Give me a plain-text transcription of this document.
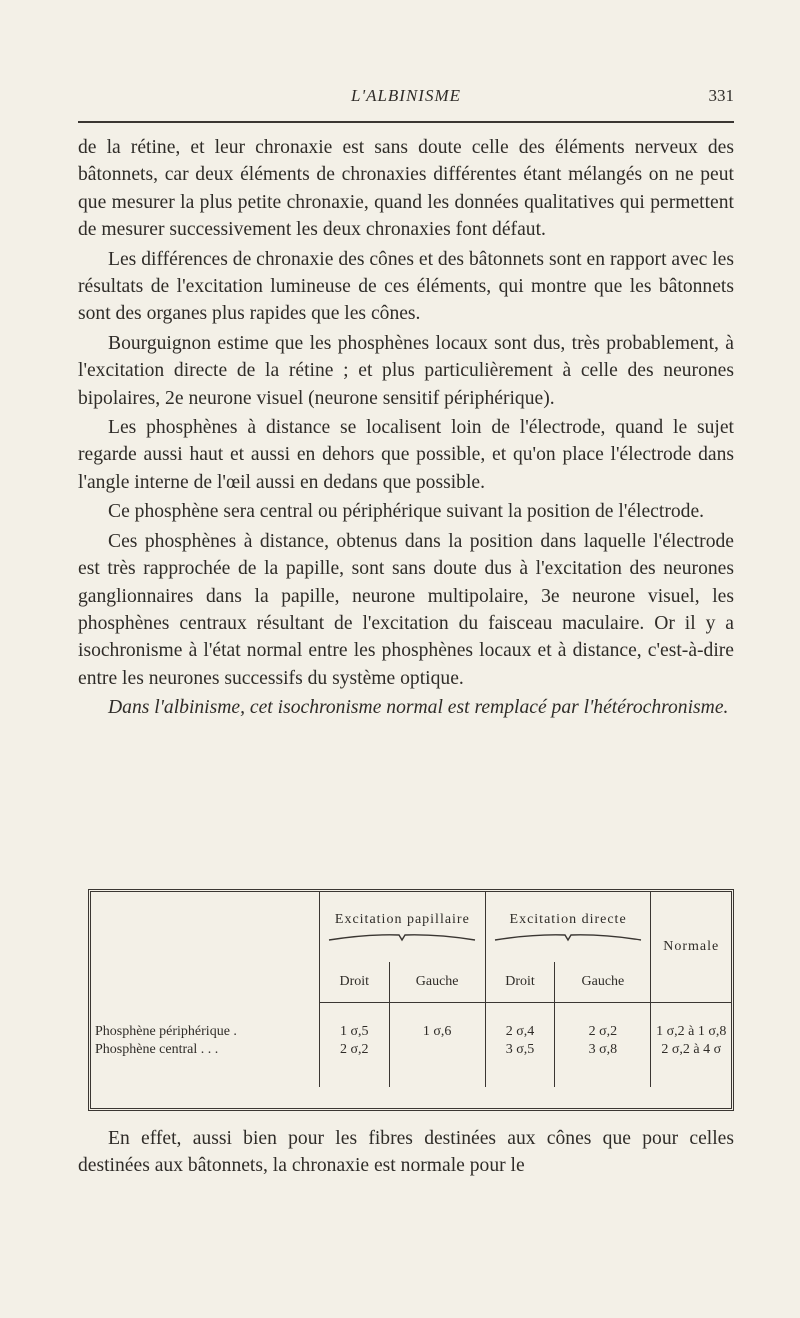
L'ALBINISME	331

de la rétine, et leur chronaxie est sans doute celle des éléments nerveux des bâtonnets, car deux éléments de chronaxies différentes étant mélangés on ne peut que mesurer la plus petite chronaxie, quand les données qualitatives qui permettent de mesurer successivement les deux chronaxies font défaut.

Les différences de chronaxie des cônes et des bâtonnets sont en rapport avec les résultats de l'excitation lumineuse de ces éléments, qui montre que les bâtonnets sont des organes plus rapides que les cônes.

Bourguignon estime que les phosphènes locaux sont dus, très probablement, à l'excitation directe de la rétine ; et plus particulièrement à celle des neurones bipolaires, 2e neurone visuel (neurone sensitif périphérique).

Les phosphènes à distance se localisent loin de l'électrode, quand le sujet regarde aussi haut et aussi en dehors que possible, et qu'on place l'électrode dans l'angle interne de l'œil aussi en dedans que possible.

Ce phosphène sera central ou périphérique suivant la position de l'électrode.

Ces phosphènes à distance, obtenus dans la position dans laquelle l'électrode est très rapprochée de la papille, sont sans doute dus à l'excitation des neurones ganglionnaires dans la papille, neurone multipolaire, 3e neurone visuel, les phosphènes centraux résultant de l'excitation du faisceau maculaire. Or il y a isochronisme à l'état normal entre les phosphènes locaux et à distance, c'est-à-dire entre les neurones successifs du système optique.

Dans l'albinisme, cet isochronisme normal est remplacé par l'hétérochronisme.

	Excitation papillaire		Excitation directe		Normale
	Droit	Gauche	Droit	Gauche	

Phosphène périphérique .	1 σ,5	1 σ,6	2 σ,4	2 σ,2	1 σ,2 à 1 σ,8
Phosphène central . . .	2 σ,2		3 σ,5	3 σ,8	2 σ,2 à 4 σ

En effet, aussi bien pour les fibres destinées aux cônes que pour celles destinées aux bâtonnets, la chronaxie est normale pour le
